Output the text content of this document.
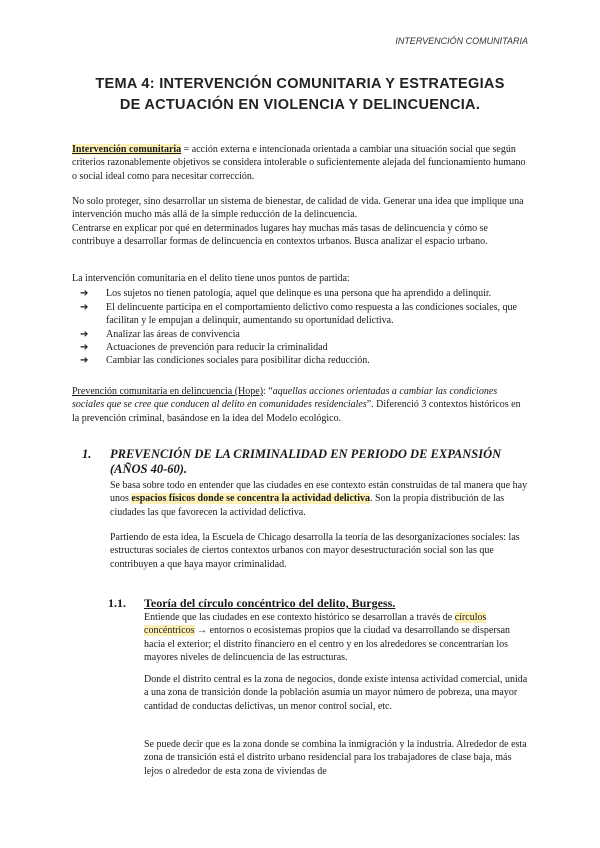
INTERVENCIÓN COMUNITARIA
TEMA 4: INTERVENCIÓN COMUNITARIA Y ESTRATEGIAS
DE ACTUACIÓN EN VIOLENCIA Y DELINCUENCIA.
Intervención comunitaria = acción externa e intencionada orientada a cambiar una situación social que según criterios razonablemente objetivos se considera intolerable o suficientemente alejada del funcionamiento humano o social ideal como para necesitar corrección.
No solo proteger, sino desarrollar un sistema de bienestar, de calidad de vida. Generar una idea que implique una intervención mucho más allá de la simple reducción de la delincuencia.
Centrarse en explicar por qué en determinados lugares hay muchas más tasas de delincuencia y cómo se contribuye a desarrollar formas de delincuencia en contextos urbanos. Busca analizar el espacio urbano.
La intervención comunitaria en el delito tiene unos puntos de partida:
➔ Los sujetos no tienen patología, aquel que delinque es una persona que ha aprendido a delinquir.
➔ El delincuente participa en el comportamiento delictivo como respuesta a las condiciones sociales, que facilitan y le empujan a delinquir, aumentando su oportunidad delictiva.
➔ Analizar las áreas de convivencia
➔ Actuaciones de prevención para reducir la criminalidad
➔ Cambiar las condiciones sociales para posibilitar dicha reducción.
Prevención comunitaria en delincuencia (Hope): “aquellas acciones orientadas a cambiar las condiciones sociales que se cree que conducen al delito en comunidades residenciales”. Diferenció 3 contextos históricos en la prevención criminal, basándose en la idea del Modelo ecológico.
1. PREVENCIÓN DE LA CRIMINALIDAD EN PERIODO DE EXPANSIÓN (AÑOS 40-60).
Se basa sobre todo en entender que las ciudades en ese contexto están construidas de tal manera que hay unos espacios físicos donde se concentra la actividad delictiva. Son la propia distribución de las ciudades las que favorecen la actividad delictiva.
Partiendo de esta idea, la Escuela de Chicago desarrolla la teoría de las desorganizaciones sociales: las estructuras sociales de ciertos contextos urbanos con mayor desestructuración social son las que contribuyen a que haya mayor criminalidad.
1.1. Teoría del círculo concéntrico del delito, Burgess.
Entiende que las ciudades en ese contexto histórico se desarrollan a través de círculos concéntricos → entornos o ecosistemas propios que la ciudad va desarrollando se dispersan hacia el exterior; el distrito financiero en el centro y en los alrededores se concentrarían los mayores niveles de delincuencia de las estructuras.
Donde el distrito central es la zona de negocios, donde existe intensa actividad comercial, unida a una zona de transición donde la población asumía un mayor número de pobreza, una mayor cantidad de conductas delictivas, un menor control social, etc.
Se puede decir que es la zona donde se combina la inmigración y la industria. Alrededor de esta zona de transición está el distrito urbano residencial para los trabajadores de clase baja, más lejos o alrededor de esta zona de viviendas de
